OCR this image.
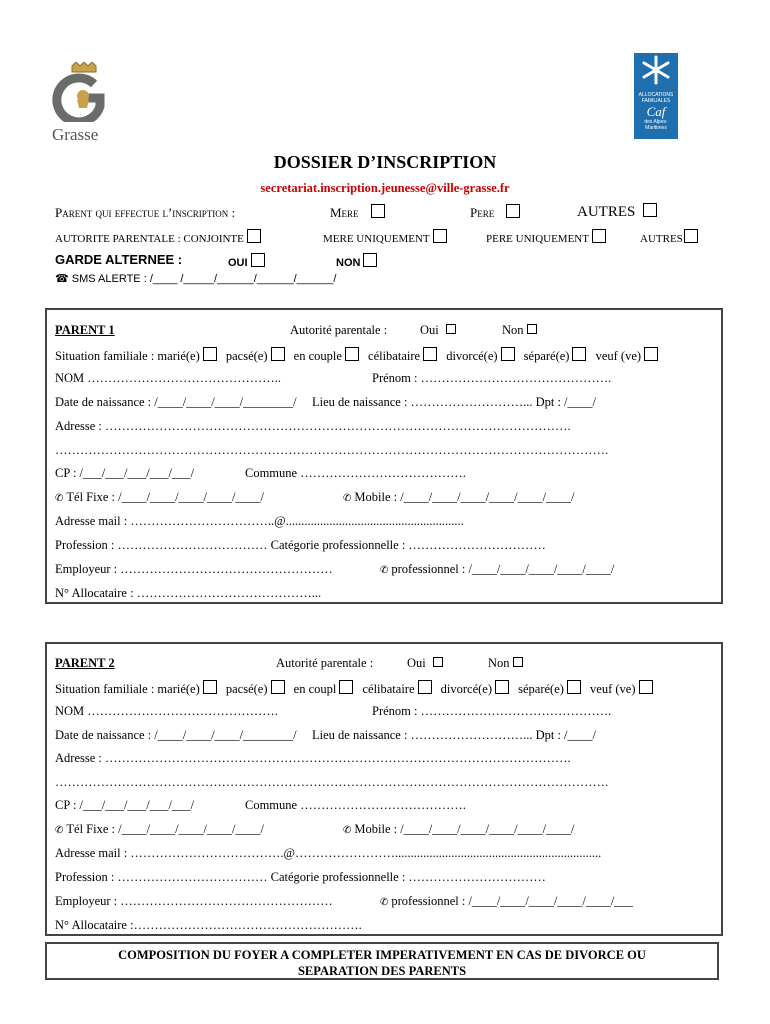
Grasse
ALLOCATIONS
FAMILIALES
Caf
des Alpes-
Maritimes
DOSSIER D’INSCRIPTION
secretariat.inscription.jeunesse@ville-grasse.fr
Parent qui effectue l’inscription :	Mere	Pere	AUTRES
AUTORITE PARENTALE : CONJOINTE	MERE UNIQUEMENT	PERE UNIQUEMENT	AUTRES
GARDE ALTERNEE :	OUI	NON
☎ SMS ALERTE : /____ /_____/______/______/______/
PARENT 1	Autorité parentale :	Oui	Non
Situation familiale : marié(e) pacsé(e) en couple célibataire divorcé(e) séparé(e) veuf (ve)
NOM ………………………………………..	Prénom : ……………………………………….
Date de naissance : /____/____/____/________/ Lieu de naissance : ………………………... Dpt : /____/
Adresse : ………………………………………………………………………………………………….
…………………………………………………………………………………………………………………….
CP : /___/___/___/___/___/	Commune ………………………………….
✆ Tél Fixe : /____/____/____/____/____/	✆ Mobile : /____/____/____/____/____/____/
Adresse mail : ……………………………..@.........................................................
Profession : ……………………………… Catégorie professionnelle : ……………………………
Employeur : ……………………………………………	✆ professionnel : /____/____/____/____/____/
N° Allocataire : ……………………………………...
PARENT 2	Autorité parentale :	Oui	Non
Situation familiale : marié(e) pacsé(e) en coupl célibataire divorcé(e) séparé(e) veuf (ve)
NOM ……………………………………….	Prénom : ……………………………………….
Date de naissance : /____/____/____/________/ Lieu de naissance : ………………………... Dpt : /____/
Adresse : ………………………………………………………………………………………………….
…………………………………………………………………………………………………………………….
CP : /___/___/___/___/___/	Commune ………………………………….
✆ Tél Fixe : /____/____/____/____/____/	✆ Mobile : /____/____/____/____/____/____/
Adresse mail : ……………………………….@……………………..................................................................
Profession : ……………………………… Catégorie professionnelle : ……………………………
Employeur : ……………………………………………	✆ professionnel : /____/____/____/____/____/___
N° Allocataire :……………………………………………….
COMPOSITION DU FOYER A COMPLETER IMPERATIVEMENT EN CAS DE DIVORCE OU
SEPARATION DES PARENTS
